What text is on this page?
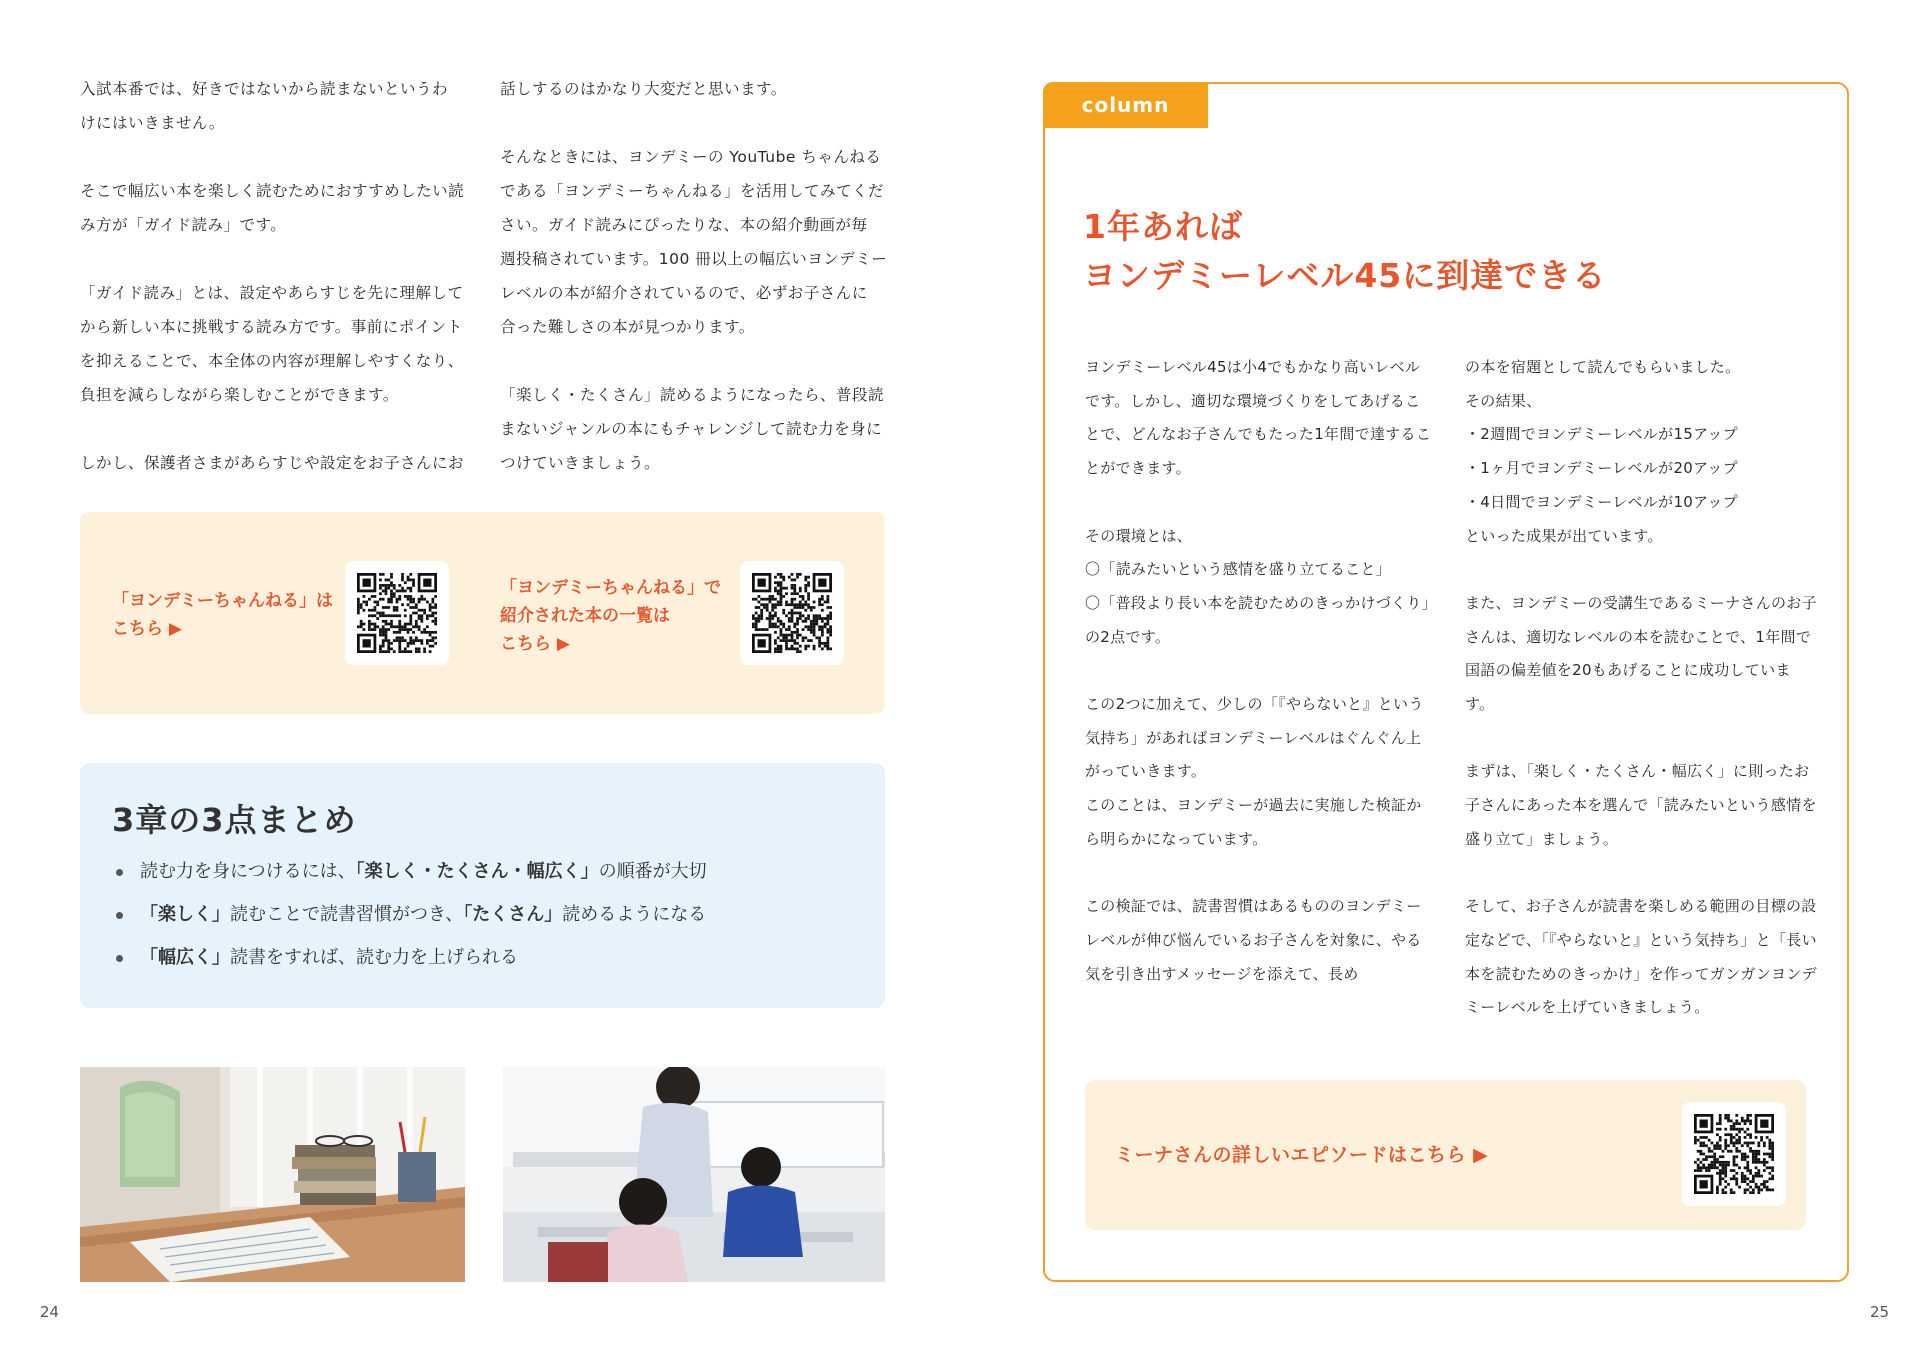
入試本番では、好きではないから読まないというわ
けにはいきません。

そこで幅広い本を楽しく読むためにおすすめしたい読
み方が「ガイド読み」です。

「ガイド読み」とは、設定やあらすじを先に理解して
から新しい本に挑戦する読み方です。事前にポイント
を抑えることで、本全体の内容が理解しやすくなり、
負担を減らしながら楽しむことができます。

しかし、保護者さまがあらすじや設定をお子さんにお

話しするのはかなり大変だと思います。

そんなときには、ヨンデミーの YouTube ちゃんねる
である「ヨンデミーちゃんねる」を活用してみてくだ
さい。ガイド読みにぴったりな、本の紹介動画が毎
週投稿されています。100 冊以上の幅広いヨンデミー
レベルの本が紹介されているので、必ずお子さんに
合った難しさの本が見つかります。

「楽しく・たくさん」読めるようになったら、普段読
まないジャンルの本にもチャレンジして読む力を身に
つけていきましょう。

「ヨンデミーちゃんねる」は
こちら ▶
「ヨンデミーちゃんねる」で
紹介された本の一覧は
こちら ▶
3章の3点まとめ
読む力を身につけるには、「楽しく・たくさん・幅広く」の順番が大切
「楽しく」読むことで読書習慣がつき、「たくさん」読めるようになる
「幅広く」読書をすれば、読む力を上げられる
24
column
1年あれば
ヨンデミーレベル45に到達できる

ヨンデミーレベル45は小4でもかなり高いレベルです。しかし、適切な環境づくりをしてあげることで、どんなお子さんでもたった1年間で達することができます。

その環境とは、

〇「読みたいという感情を盛り立てること」

〇「普段より長い本を読むためのきっかけづくり」

の2点です。

この2つに加えて、少しの「『やらないと』という気持ち」があればヨンデミーレベルはぐんぐん上がっていきます。

このことは、ヨンデミーが過去に実施した検証から明らかになっています。

この検証では、読書習慣はあるもののヨンデミーレベルが伸び悩んでいるお子さんを対象に、やる気を引き出すメッセージを添えて、長め

の本を宿題として読んでもらいました。

その結果、

・2週間でヨンデミーレベルが15アップ

・1ヶ月でヨンデミーレベルが20アップ

・4日間でヨンデミーレベルが10アップ

といった成果が出ています。

また、ヨンデミーの受講生であるミーナさんのお子さんは、適切なレベルの本を読むことで、1年間で国語の偏差値を20もあげることに成功しています。

まずは、「楽しく・たくさん・幅広く」に則ったお子さんにあった本を選んで「読みたいという感情を盛り立て」ましょう。

そして、お子さんが読書を楽しめる範囲の目標の設定などで、「『やらないと』という気持ち」と「長い本を読むためのきっかけ」を作ってガンガンヨンデミーレベルを上げていきましょう。

ミーナさんの詳しいエピソードはこちら ▶
25
